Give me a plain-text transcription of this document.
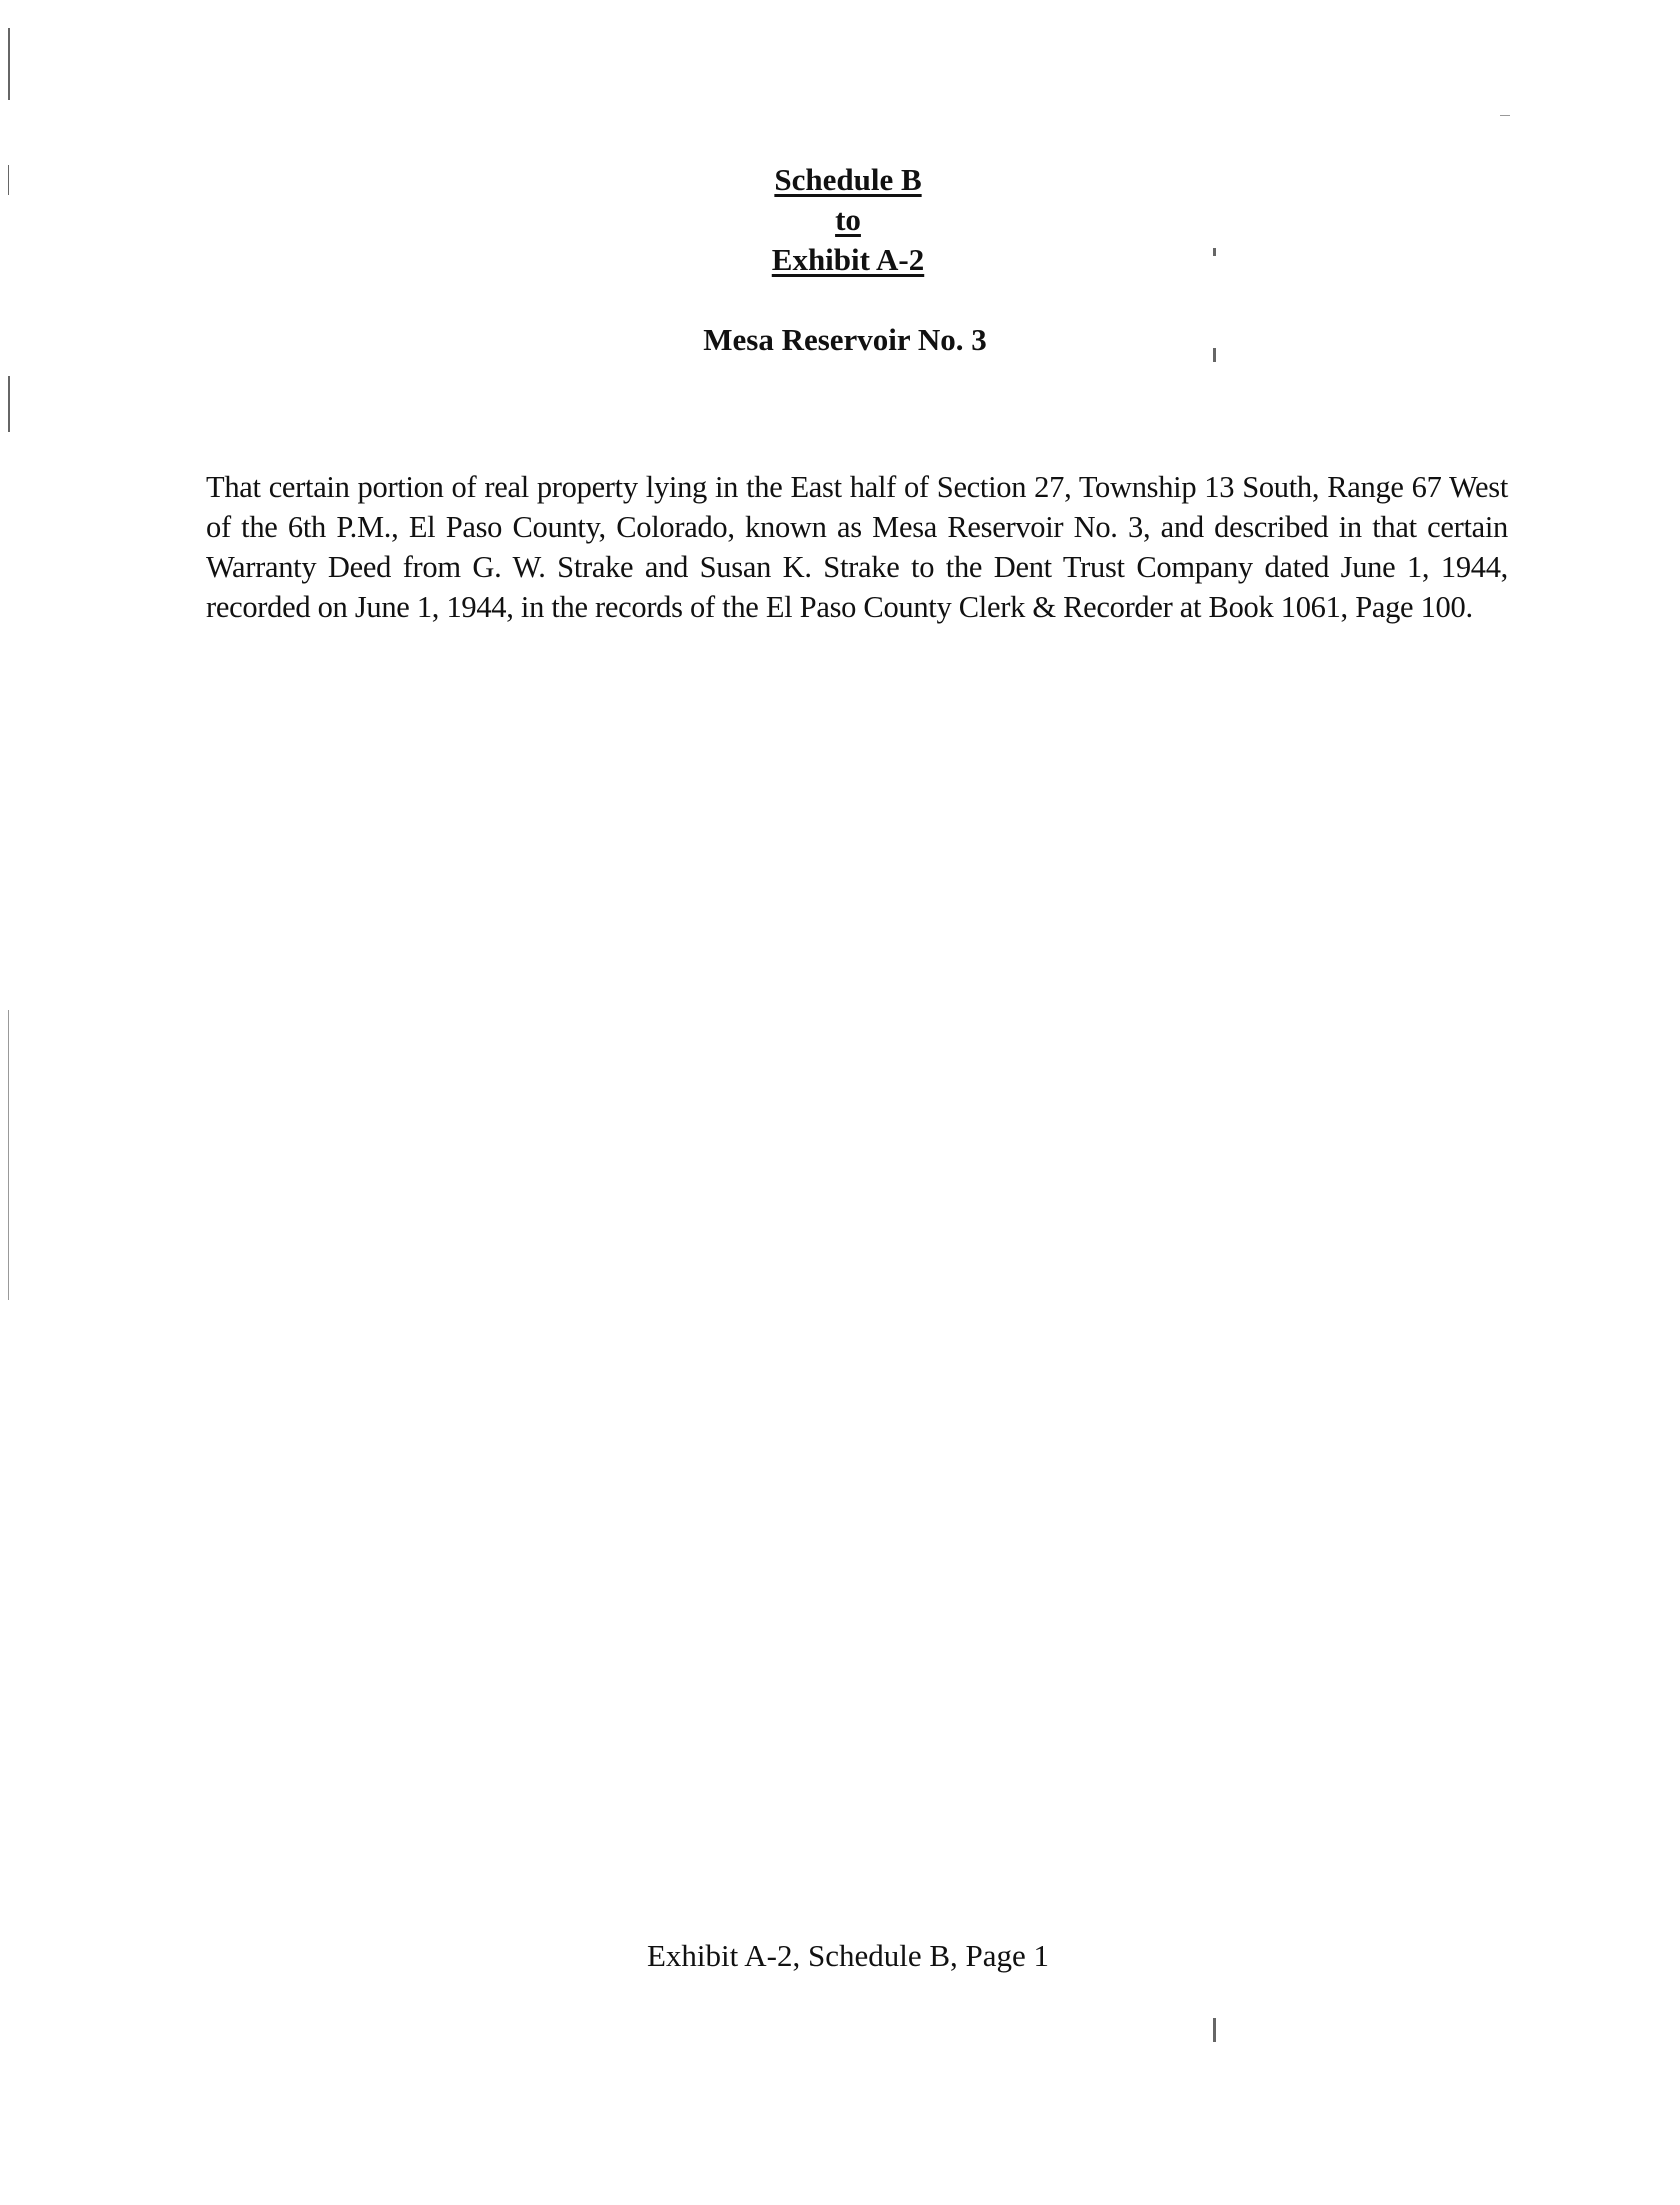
Schedule B
to
Exhibit A-2
Mesa Reservoir No. 3

That certain portion of real property lying in the East half of Section 27, Township 13 South, Range 67 West of the 6th P.M., El Paso County, Colorado, known as Mesa Reservoir No. 3, and described in that certain Warranty Deed from G. W. Strake and Susan K. Strake to the Dent Trust Company dated June 1, 1944, recorded on June 1, 1944, in the records of the El Paso County Clerk & Recorder at Book 1061, Page 100.

Exhibit A-2, Schedule B, Page 1
